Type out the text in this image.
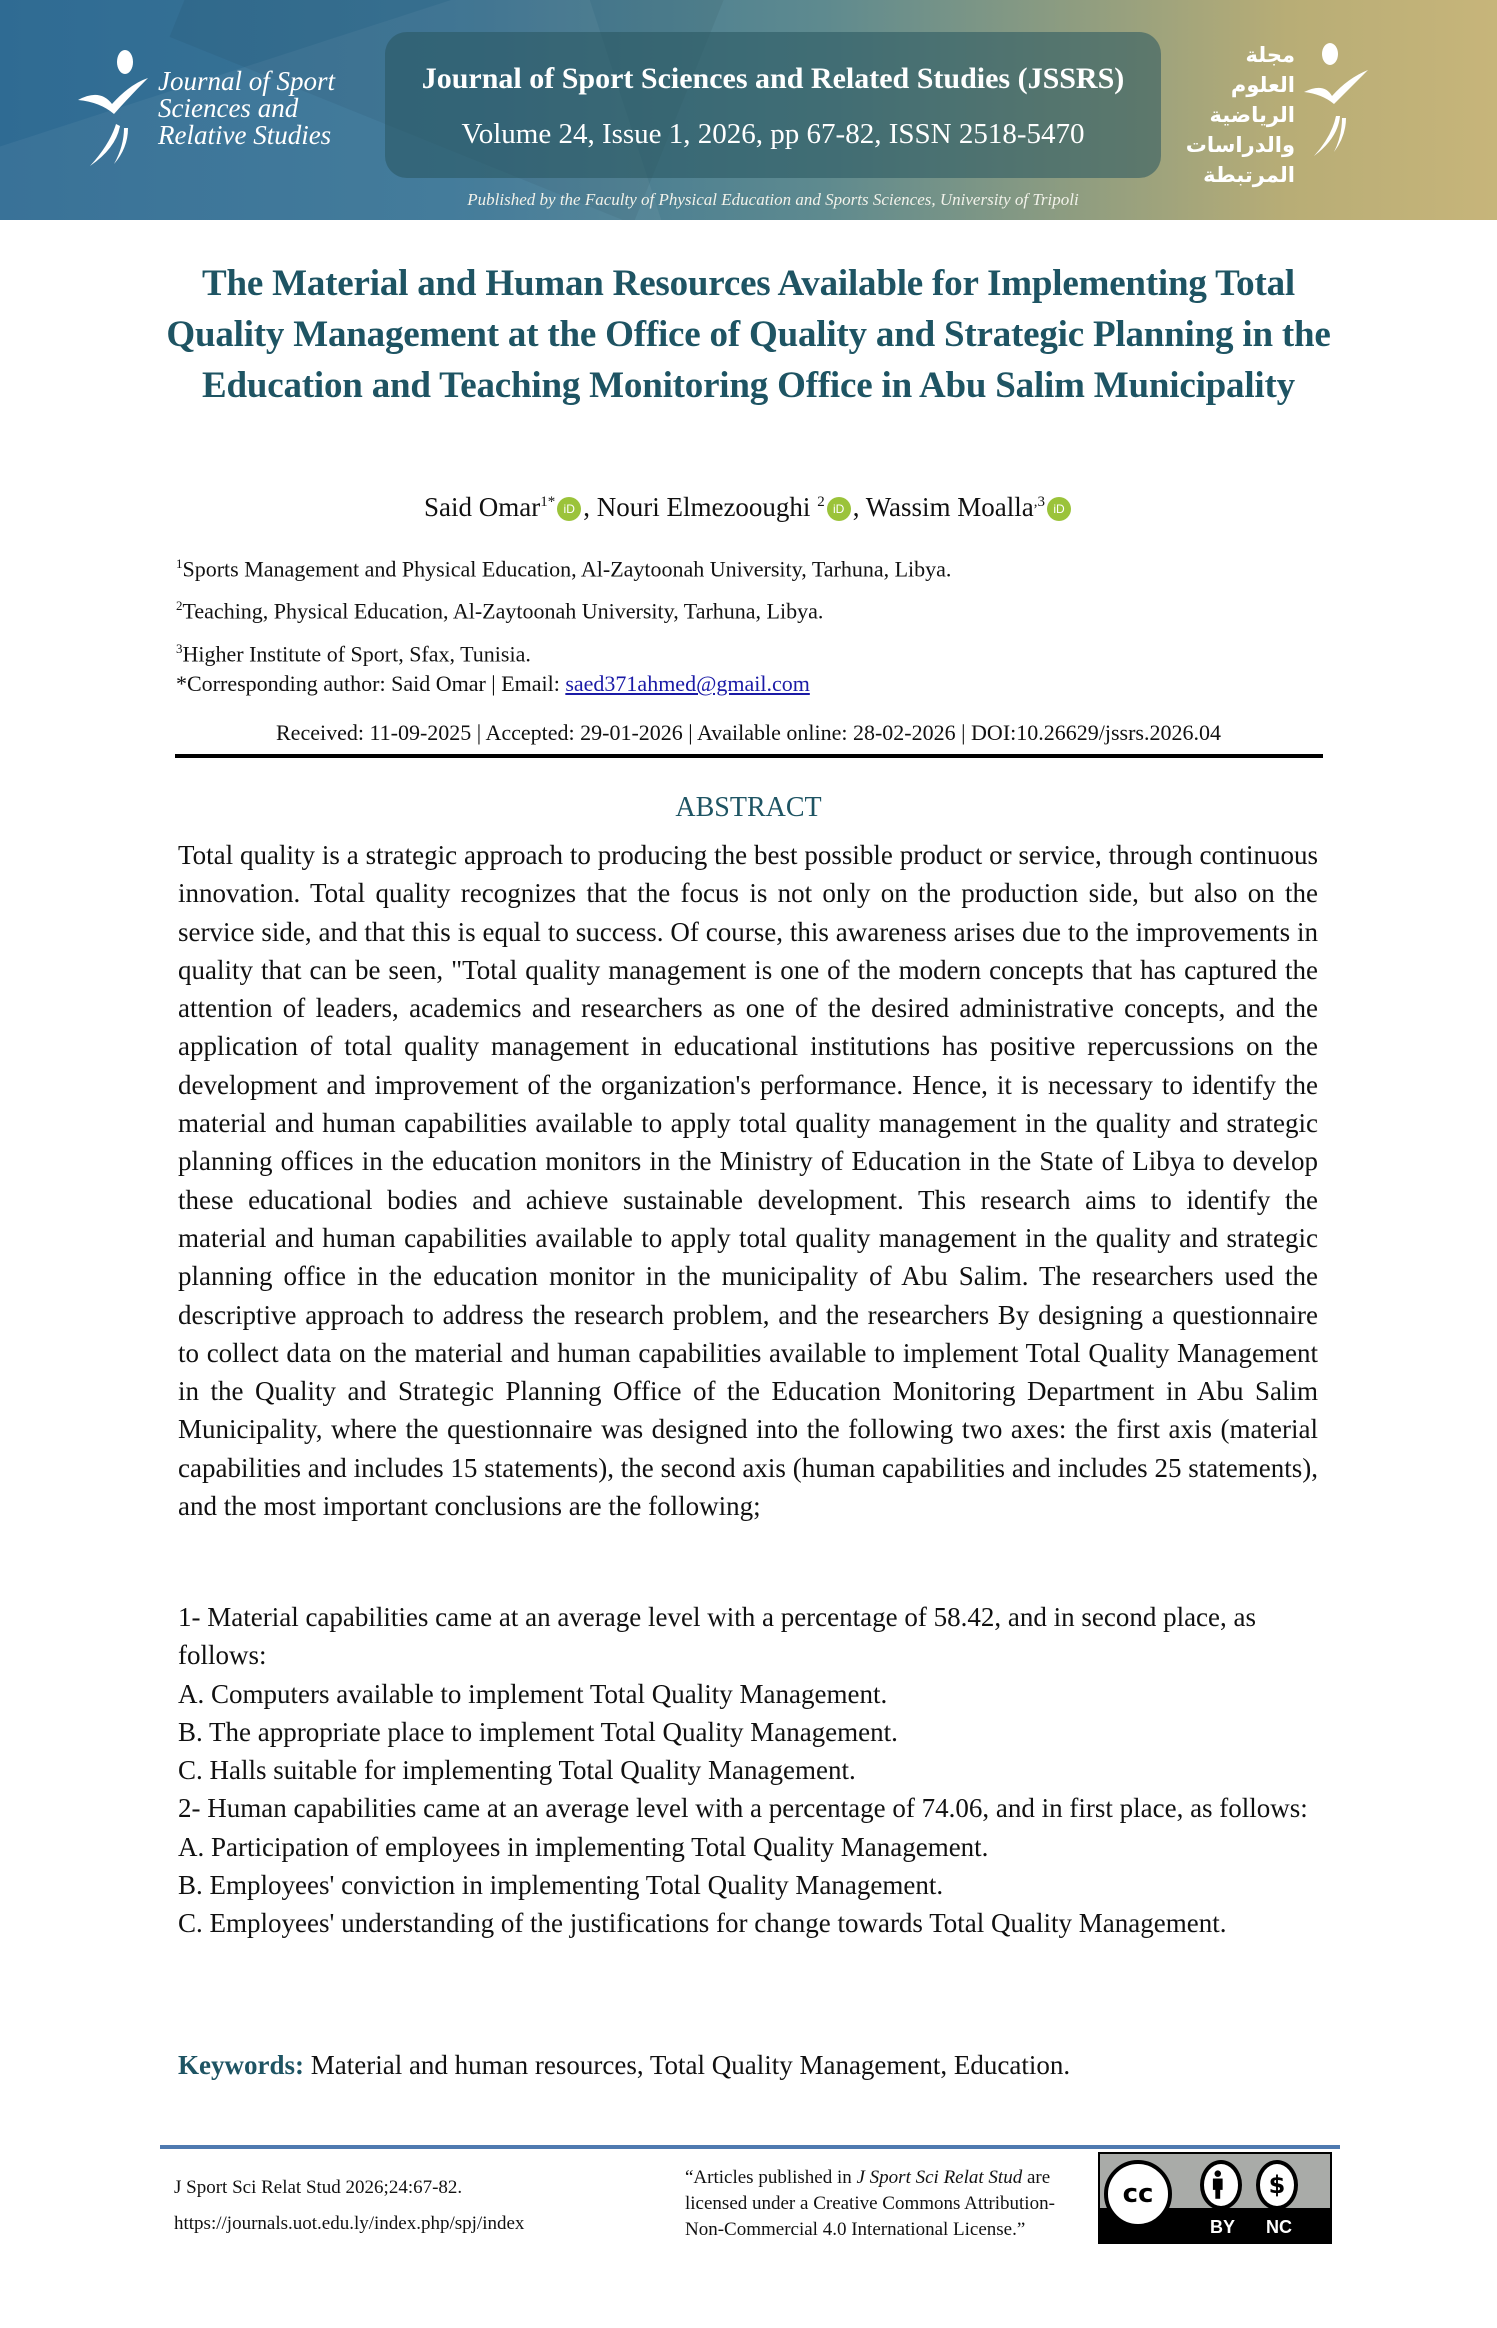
Journal of Sport
Sciences and
Relative Studies
Journal of Sport Sciences and Related Studies (JSSRS)
Volume 24, Issue 1, 2026, pp 67-82, ISSN 2518-5470
Published by the Faculty of Physical Education and Sports Sciences, University of Tripoli
مجلة العلوم
الرياضية
والدراسات
المرتبطة
The Material and Human Resources Available for Implementing Total Quality Management at the Office of Quality and Strategic Planning in the Education and Teaching Monitoring Office in Abu Salim Municipality
Said Omar$^{1*}$ iD , Nouri Elmezooughi $^2$ iD , Wassim Moalla$^{,3}$ iD
$^1$Sports Management and Physical Education, Al-Zaytoonah University, Tarhuna, Libya.
$^2$Teaching, Physical Education, Al-Zaytoonah University, Tarhuna, Libya.
$^3$Higher Institute of Sport, Sfax, Tunisia.
*Corresponding author: Said Omar | Email: saed371ahmed@gmail.com
Received: 11-09-2025 | Accepted: 29-01-2026 | Available online: 28-02-2026 | DOI:10.26629/jssrs.2026.04
ABSTRACT
Total quality is a strategic approach to producing the best possible product or service, through continuous innovation. Total quality recognizes that the focus is not only on the production side, but also on the service side, and that this is equal to success. Of course, this awareness arises due to the improvements in quality that can be seen, "Total quality management is one of the modern concepts that has captured the attention of leaders, academics and researchers as one of the desired administrative concepts, and the application of total quality management in educational institutions has positive repercussions on the development and improvement of the organization's performance. Hence, it is necessary to identify the material and human capabilities available to apply total quality management in the quality and strategic planning offices in the education monitors in the Ministry of Education in the State of Libya to develop these educational bodies and achieve sustainable development. This research aims to identify the material and human capabilities available to apply total quality management in the quality and strategic planning office in the education monitor in the municipality of Abu Salim. The researchers used the descriptive approach to address the research problem, and the researchers By designing a questionnaire to collect data on the material and human capabilities available to implement Total Quality Management in the Quality and Strategic Planning Office of the Education Monitoring Department in Abu Salim Municipality, where the questionnaire was designed into the following two axes: the first axis (material capabilities and includes 15 statements), the second axis (human capabilities and includes 25 statements), and the most important conclusions are the following;

1- Material capabilities came at an average level with a percentage of 58.42, and in second place, as follows:

A. Computers available to implement Total Quality Management.

B. The appropriate place to implement Total Quality Management.

C. Halls suitable for implementing Total Quality Management.

2- Human capabilities came at an average level with a percentage of 74.06, and in first place, as follows:

A. Participation of employees in implementing Total Quality Management.

B. Employees' conviction in implementing Total Quality Management.

C. Employees' understanding of the justifications for change towards Total Quality Management.

Keywords: Material and human resources, Total Quality Management, Education.
J Sport Sci Relat Stud 2026;24:67-82.
https://journals.uot.edu.ly/index.php/spj/index
“Articles published in J Sport Sci Relat Stud are licensed under a Creative Commons Attribution-Non-Commercial 4.0 International License.”
cc	$
BY NC
